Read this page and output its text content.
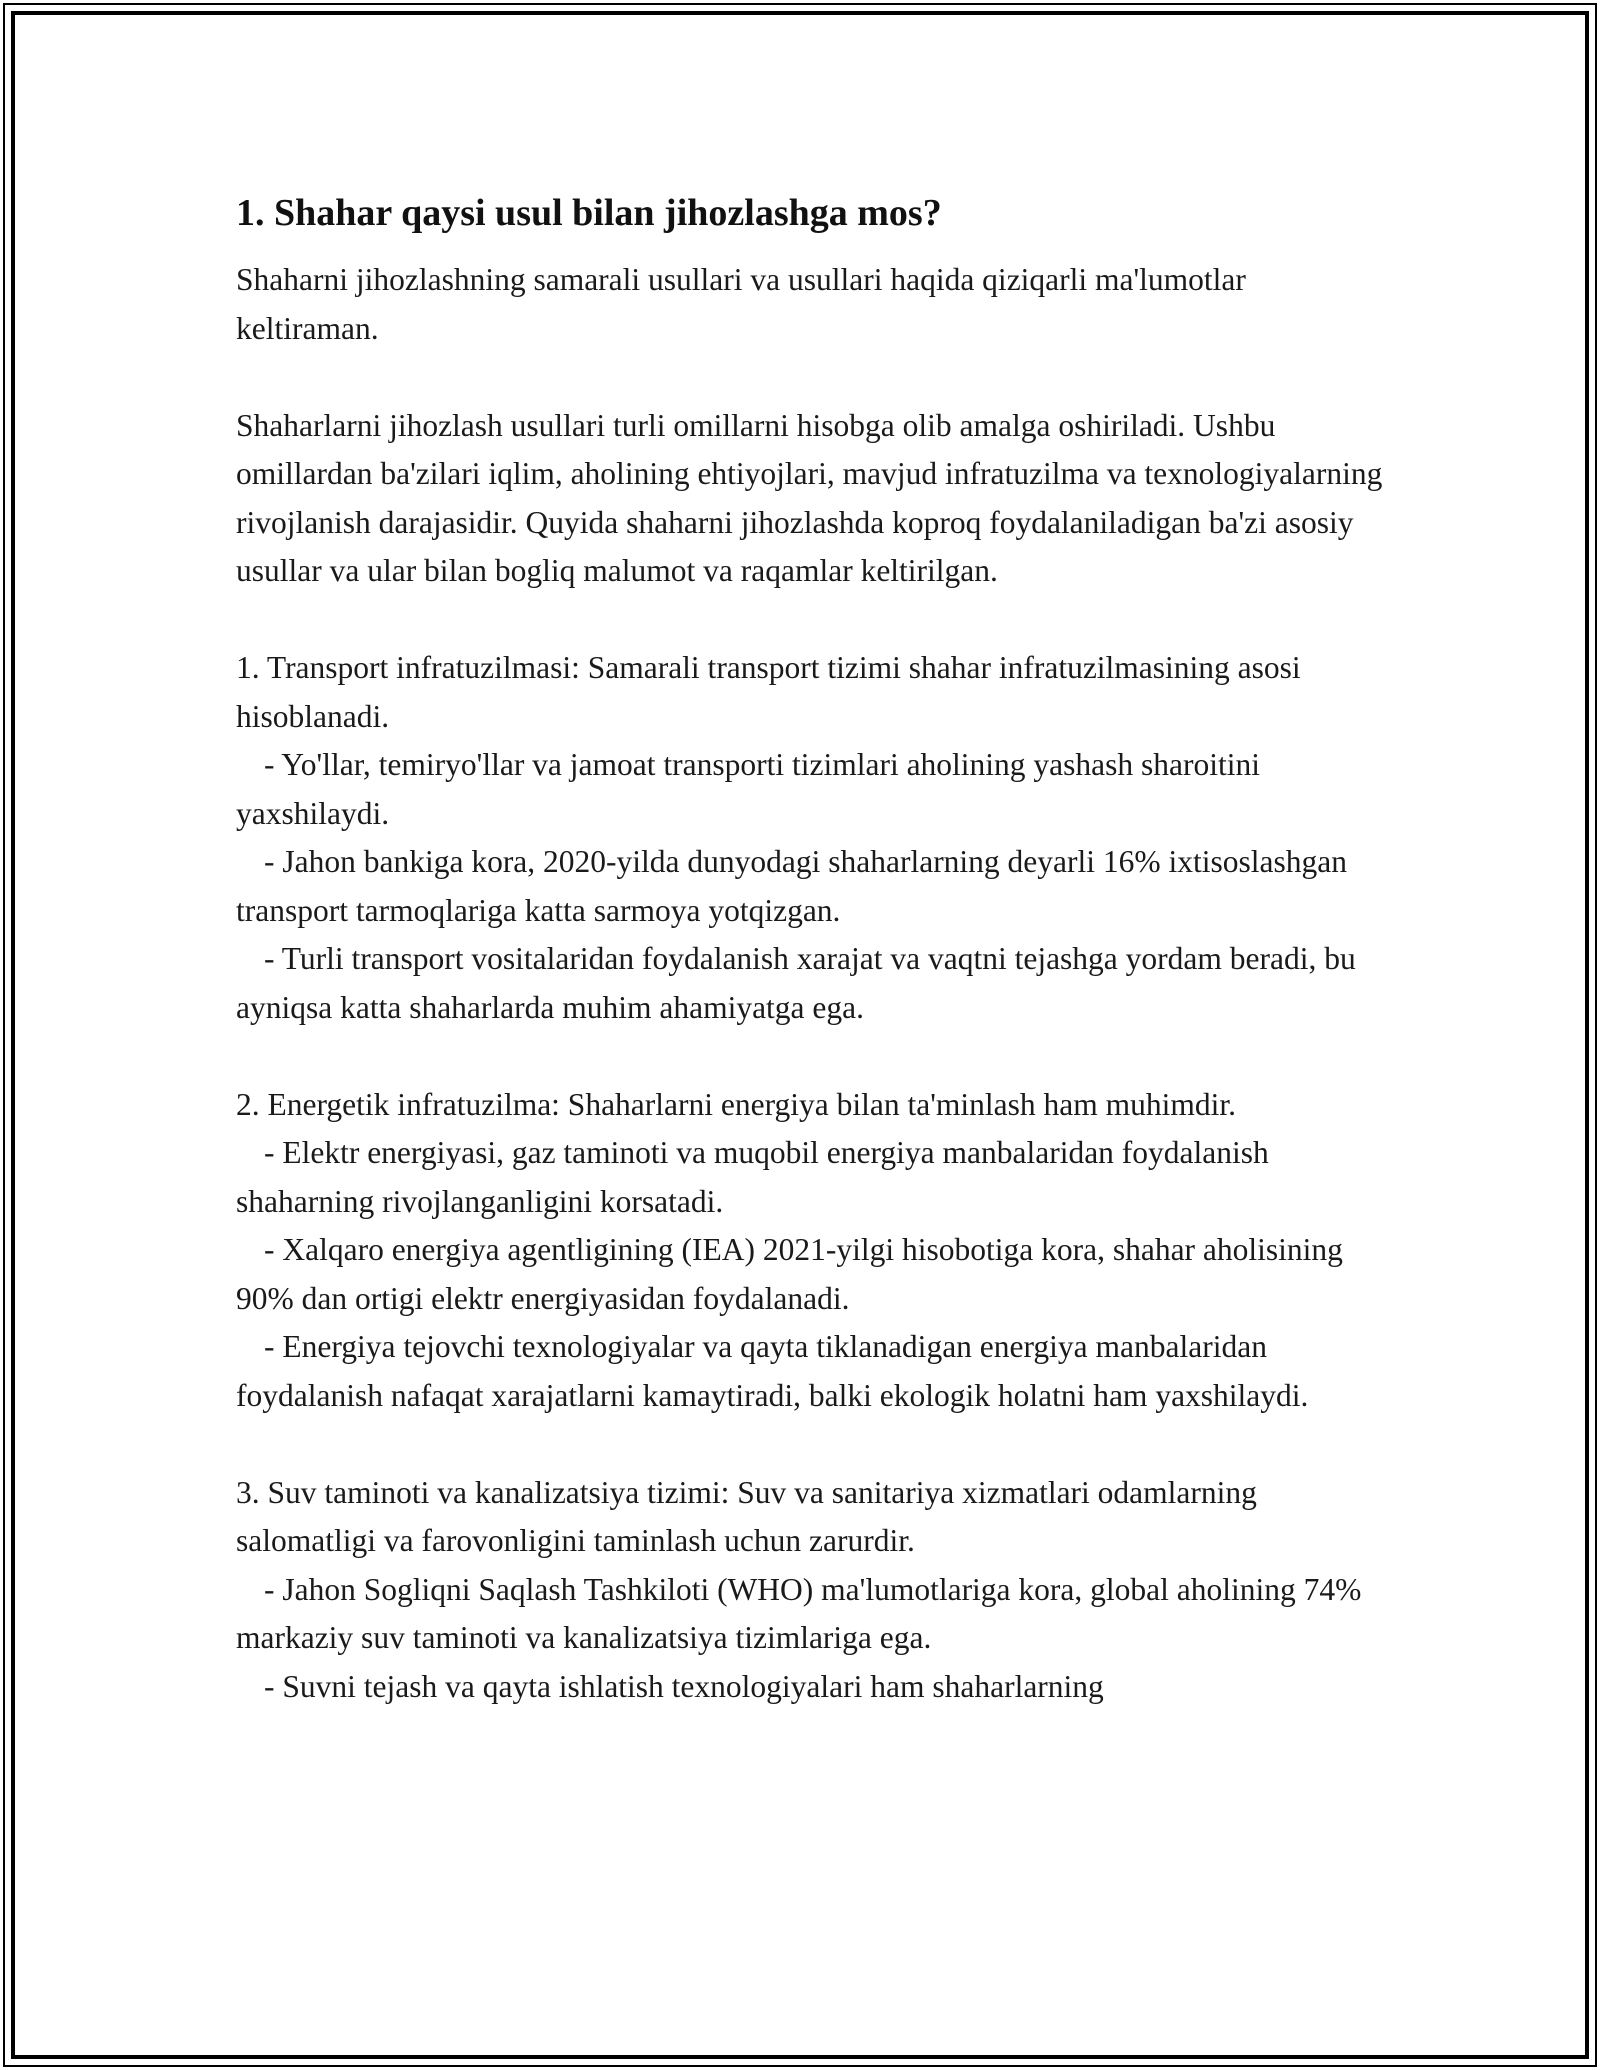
1. Shahar qaysi usul bilan jihozlashga mos?

Shaharni jihozlashning samarali usullari va usullari haqida qiziqarli ma'lumotlar keltiraman.

Shaharlarni jihozlash usullari turli omillarni hisobga olib amalga oshiriladi. Ushbu omillardan ba'zilari iqlim, aholining ehtiyojlari, mavjud infratuzilma va texnologiyalarning rivojlanish darajasidir. Quyida shaharni jihozlashda koproq foydalaniladigan ba'zi asosiy usullar va ular bilan bogliq malumot va raqamlar keltirilgan.

1. Transport infratuzilmasi: Samarali transport tizimi shahar infratuzilmasining asosi hisoblanadi.

- Yo'llar, temiryo'llar va jamoat transporti tizimlari aholining yashash sharoitini yaxshilaydi.

- Jahon bankiga kora, 2020-yilda dunyodagi shaharlarning deyarli 16% ixtisoslashgan transport tarmoqlariga katta sarmoya yotqizgan.

- Turli transport vositalaridan foydalanish xarajat va vaqtni tejashga yordam beradi, bu ayniqsa katta shaharlarda muhim ahamiyatga ega.

2. Energetik infratuzilma: Shaharlarni energiya bilan ta'minlash ham muhimdir.

- Elektr energiyasi, gaz taminoti va muqobil energiya manbalaridan foydalanish shaharning rivojlanganligini korsatadi.

- Xalqaro energiya agentligining (IEA) 2021-yilgi hisobotiga kora, shahar aholisining 90% dan ortigi elektr energiyasidan foydalanadi.

- Energiya tejovchi texnologiyalar va qayta tiklanadigan energiya manbalaridan foydalanish nafaqat xarajatlarni kamaytiradi, balki ekologik holatni ham yaxshilaydi.

3. Suv taminoti va kanalizatsiya tizimi: Suv va sanitariya xizmatlari odamlarning salomatligi va farovonligini taminlash uchun zarurdir.

- Jahon Sogliqni Saqlash Tashkiloti (WHO) ma'lumotlariga kora, global aholining 74% markaziy suv taminoti va kanalizatsiya tizimlariga ega.

- Suvni tejash va qayta ishlatish texnologiyalari ham shaharlarning
